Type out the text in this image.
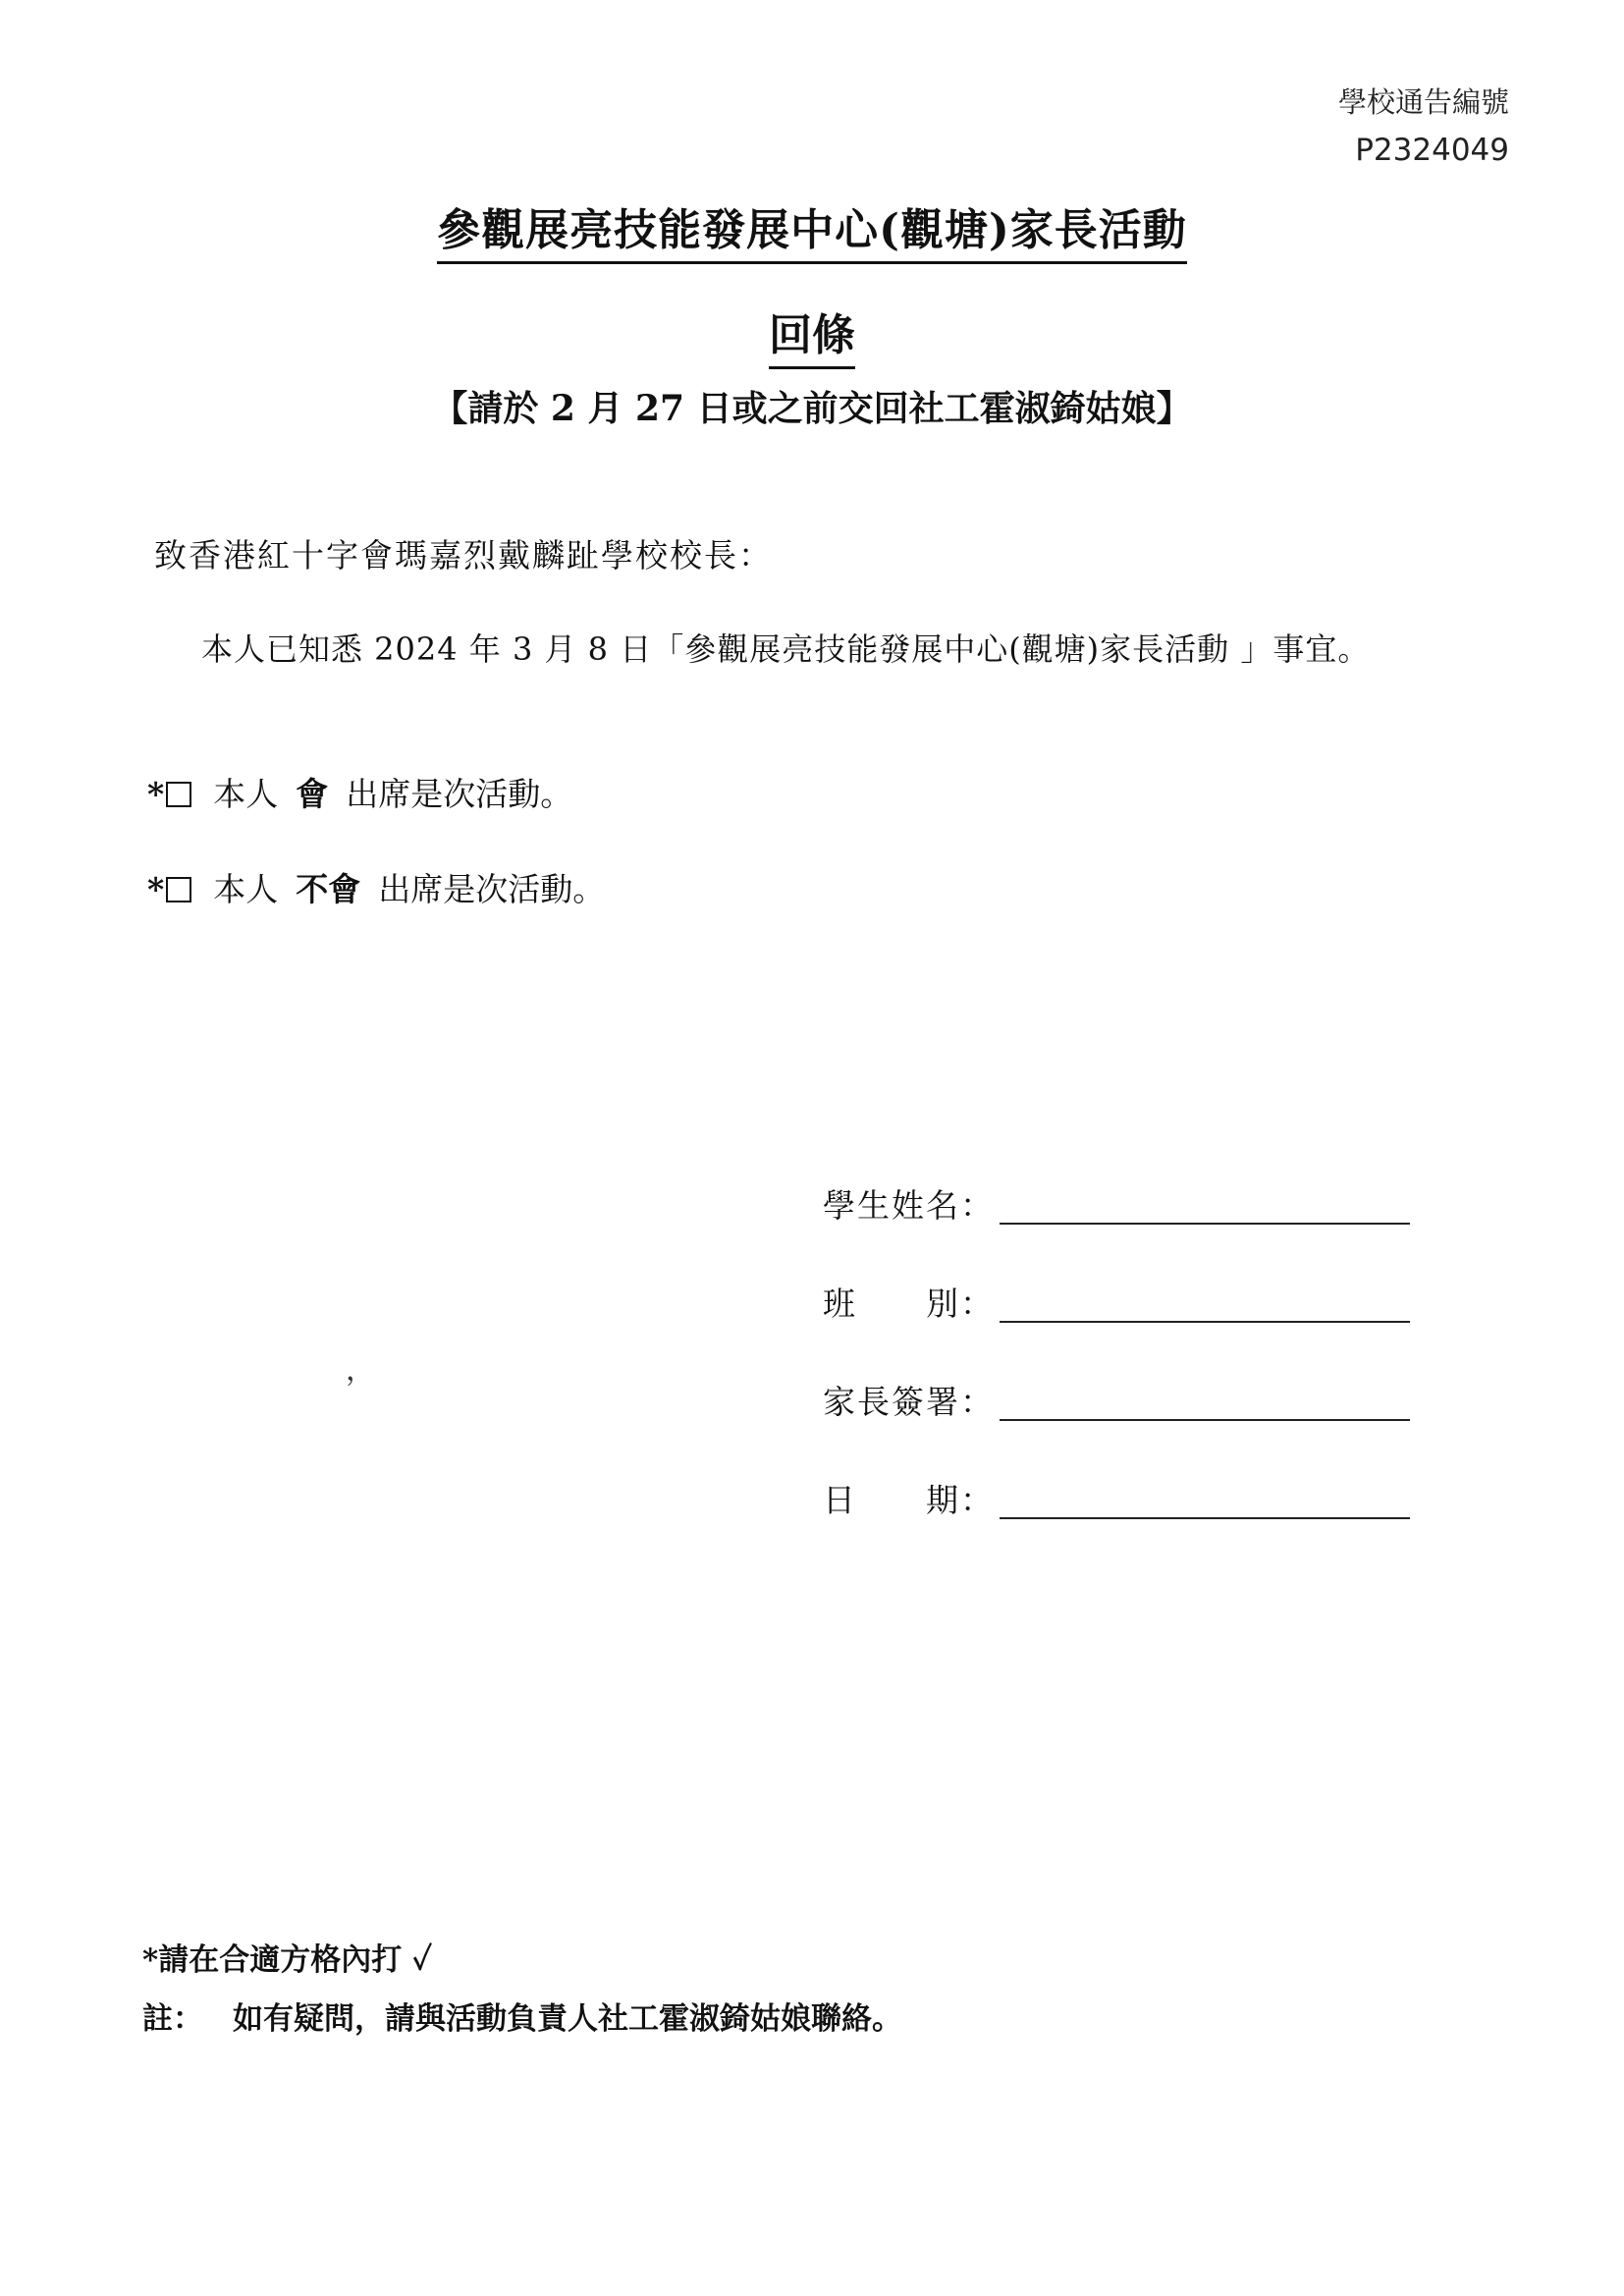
學校通告編號
P2324049
參觀展亮技能發展中心(觀塘)家長活動
回條
【請於 2 月 27 日或之前交回社工霍淑錡姑娘】
致香港紅十字會瑪嘉烈戴麟趾學校校長：
本人已知悉 2024 年 3 月 8 日「參觀展亮技能發展中心(觀塘)家長活動 」事宜。
* 本人 會 出席是次活動。
* 本人 不會 出席是次活動。
，
學生姓名：
班　　別：
家長簽署：
日　　期：
*請在合適方格內打 ✓
註： 如有疑問，請與活動負責人社工霍淑錡姑娘聯絡。
